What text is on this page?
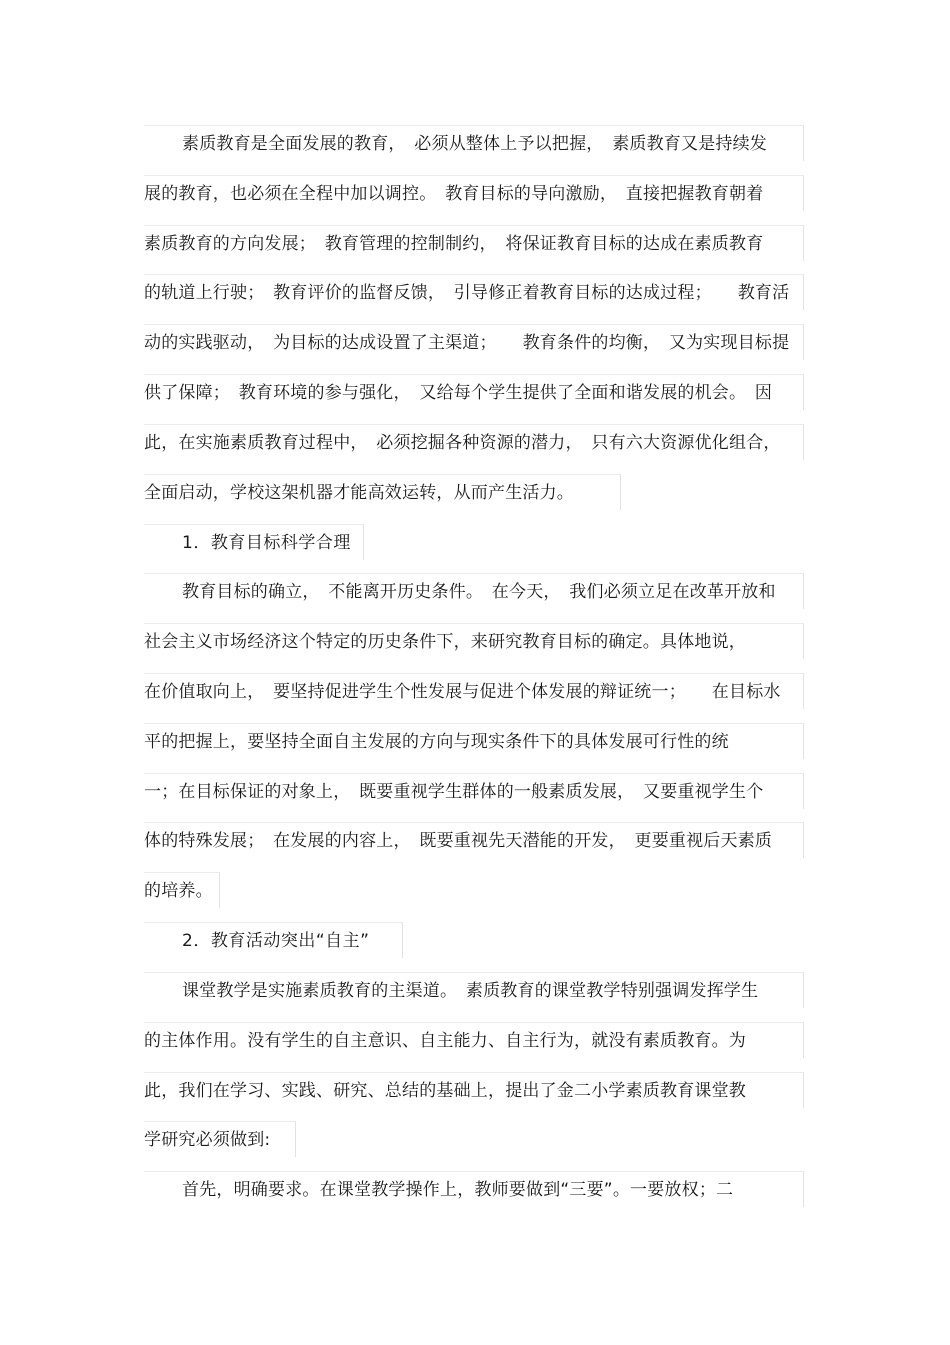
素质教育是全面发展的教育，　必须从整体上予以把握，　素质教育又是持续发
展的教育，也必须在全程中加以调控。　教育目标的导向激励，　直接把握教育朝着
素质教育的方向发展；　教育管理的控制制约，　将保证教育目标的达成在素质教育
的轨道上行驶；　教育评价的监督反馈，　引导修正着教育目标的达成过程；　　教育活
动的实践驱动，　为目标的达成设置了主渠道；　　教育条件的均衡，　又为实现目标提
供了保障；　教育环境的参与强化，　又给每个学生提供了全面和谐发展的机会。　因
此，在实施素质教育过程中，　必须挖掘各种资源的潜力，　只有六大资源优化组合，
全面启动，学校这架机器才能高效运转，从而产生活力。
1．教育目标科学合理
教育目标的确立，　不能离开历史条件。　在今天，　我们必须立足在改革开放和
社会主义市场经济这个特定的历史条件下，来研究教育目标的确定。具体地说，
在价值取向上，　要坚持促进学生个性发展与促进个体发展的辩证统一；　　在目标水
平的把握上，要坚持全面自主发展的方向与现实条件下的具体发展可行性的统
一；在目标保证的对象上，　既要重视学生群体的一般素质发展，　又要重视学生个
体的特殊发展；　在发展的内容上，　既要重视先天潜能的开发，　更要重视后天素质
的培养。
2．教育活动突出“自主”
课堂教学是实施素质教育的主渠道。　素质教育的课堂教学特别强调发挥学生
的主体作用。没有学生的自主意识、自主能力、自主行为，就没有素质教育。为
此，我们在学习、实践、研究、总结的基础上，提出了金二小学素质教育课堂教
学研究必须做到:
首先，明确要求。在课堂教学操作上，教师要做到“三要”。一要放权；二
